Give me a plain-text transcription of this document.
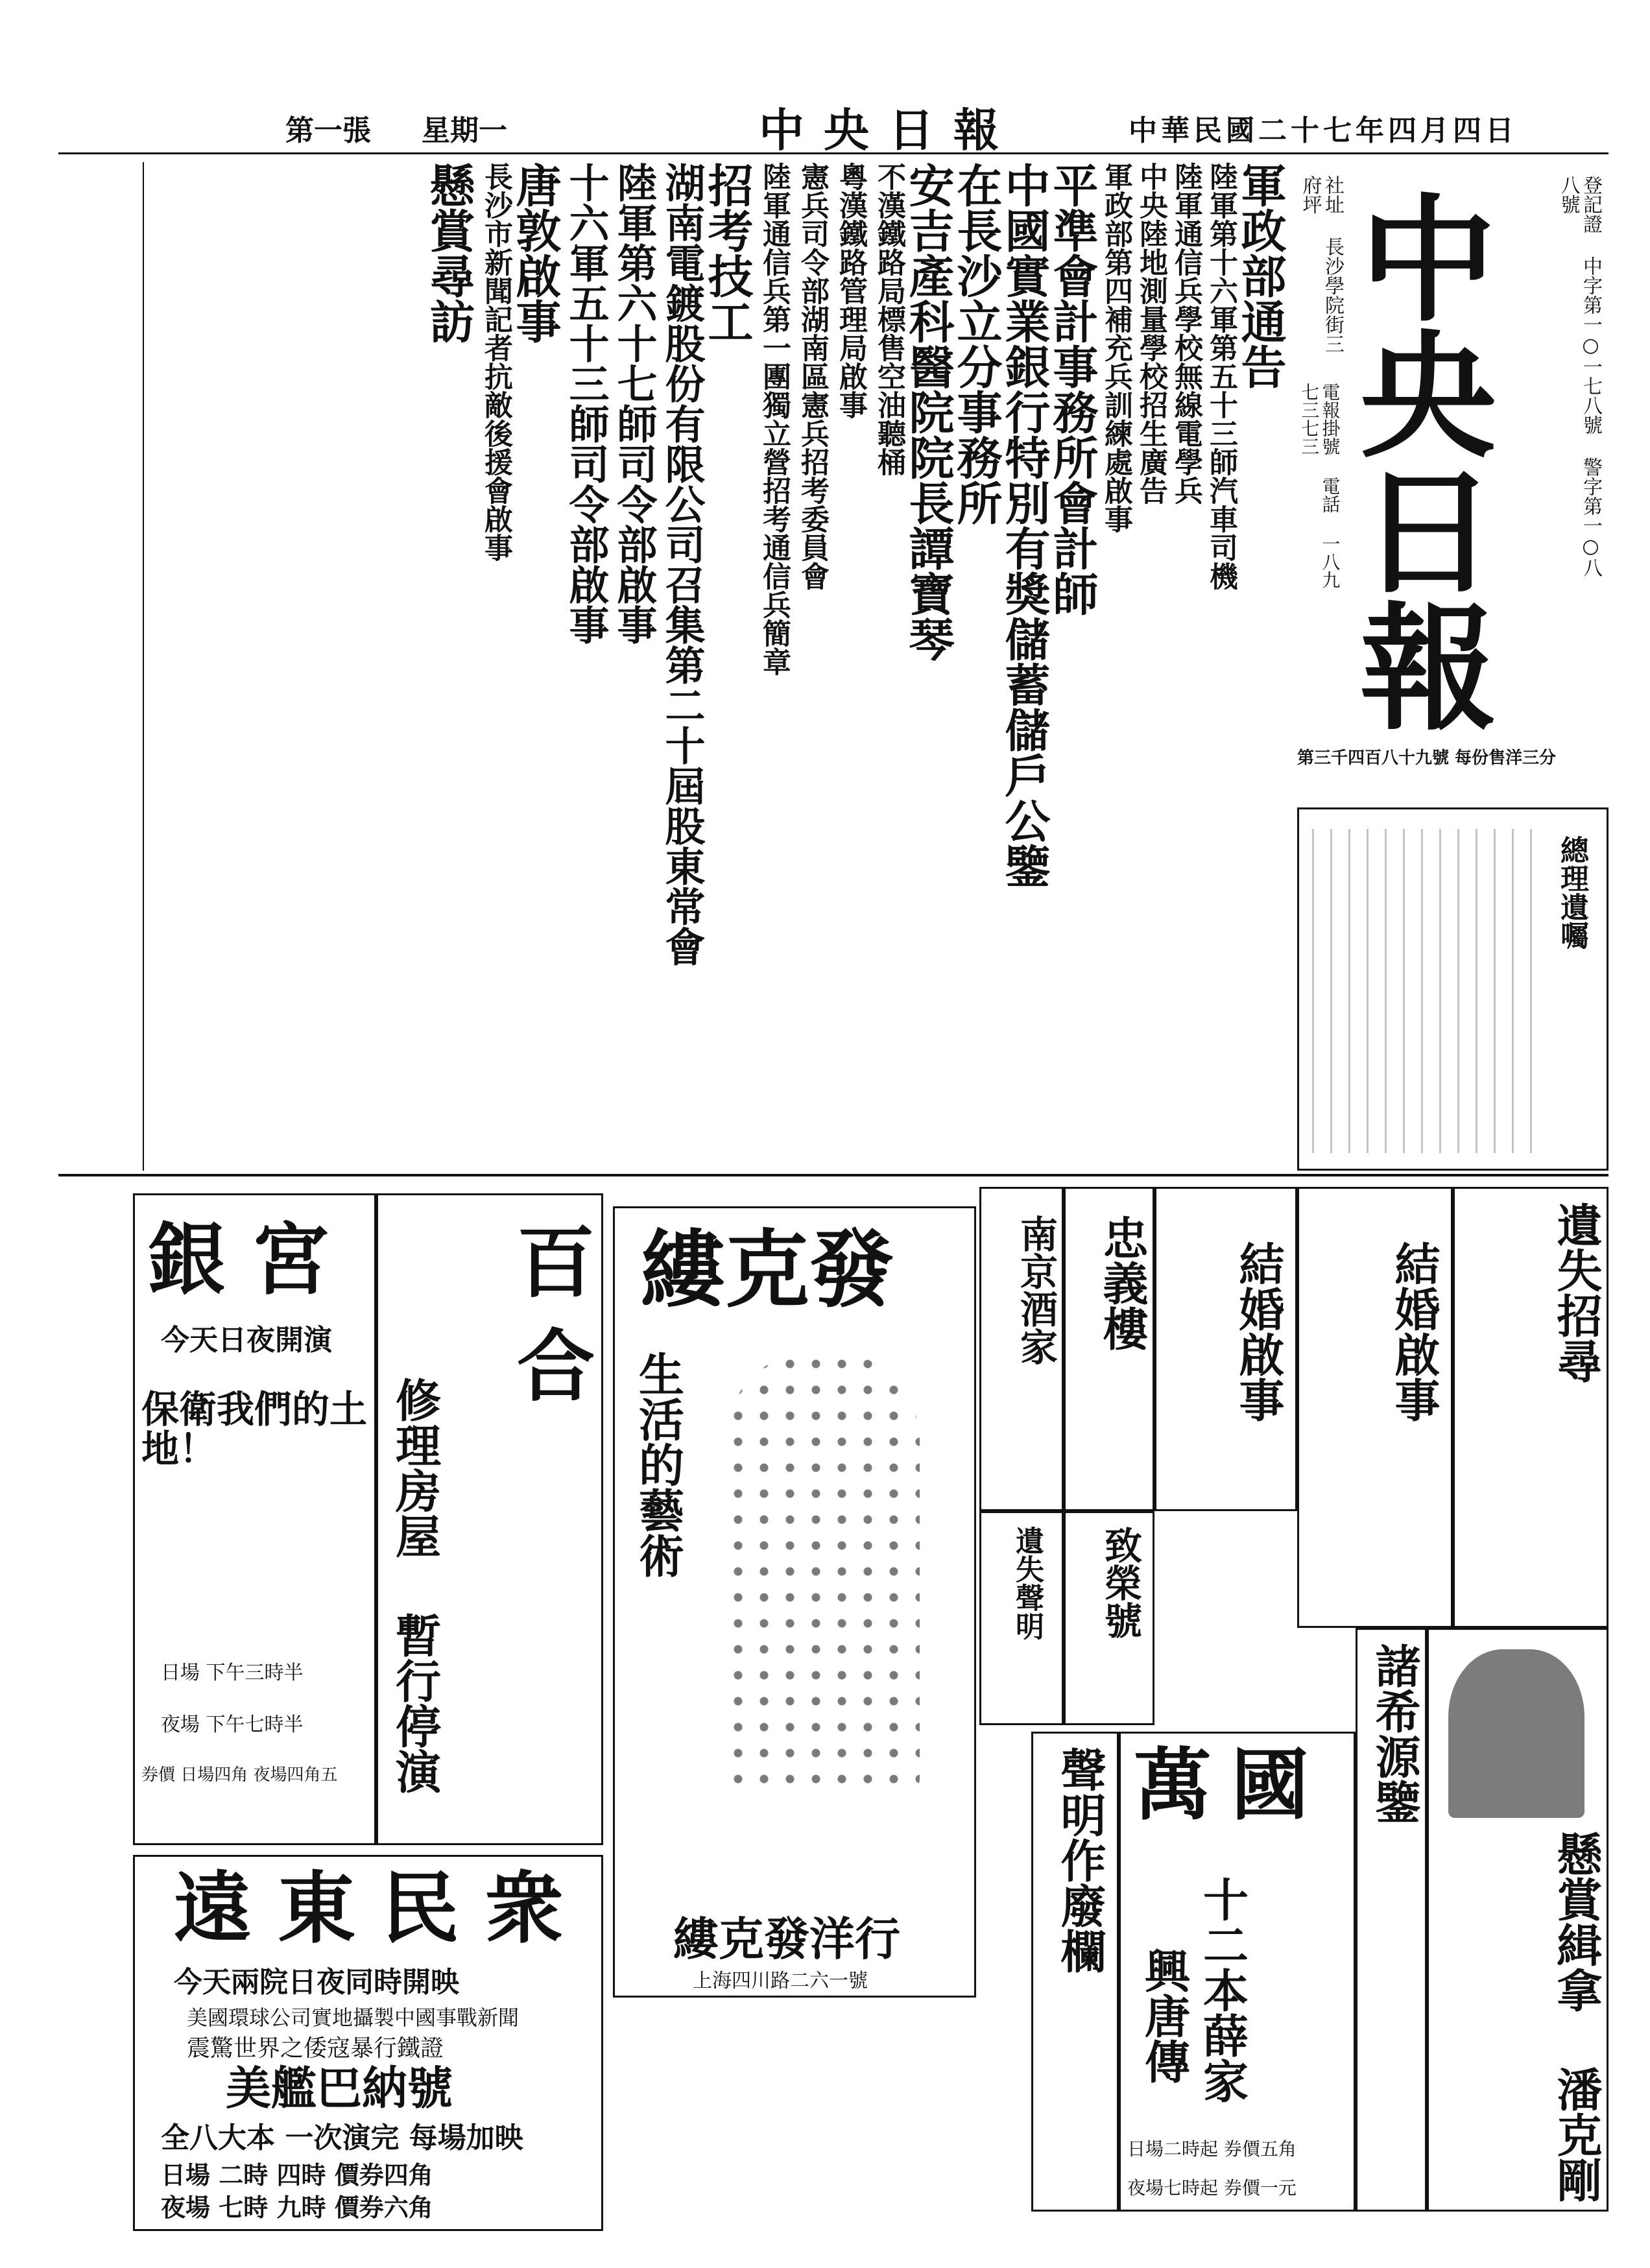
第一張 星期一	中央日報	中華民國二十七年四月四日
中央日報	登記證 中字第一○一七八號 警字第一○八八號
社址 長沙學院街三府坪
電報掛號 電話 一八九七三七三
第三千四百八十九號 每份售洋三分
總理遺囑
軍政部通告
陸軍第十六軍第五十三師汽車司機
陸軍通信兵學校無線電學兵
中央陸地測量學校招生廣告
軍政部第四補充兵訓練處啟事
平準會計事務所會計師
中國實業銀行特別有獎儲蓄儲戶公鑒
在長沙立分事務所
安吉產科醫院院長譚寶琴
不漢鐵路局標售空油聽桶
粵漢鐵路管理局啟事
憲兵司令部湖南區憲兵招考委員會
陸軍通信兵第一團獨立營招考通信兵簡章
招考技工
湖南電鍍股份有限公司召集第二十屆股東常會
陸軍第六十七師司令部啟事
十六軍五十三師司令部啟事
唐敦啟事
長沙市新聞記者抗敵後援會啟事
懸賞尋訪
銀宮
今天日夜開演
保衛我們的土地！
日場 下午三時半
夜場 下午七時半
券價 日場四角 夜場四角五
百合
修理房屋 暫行停演
縷克發
生活的藝術
縷克發洋行
上海四川路二六一號
遠東民衆
今天兩院日夜同時開映
美國環球公司實地攝製中國事戰新聞
震驚世界之倭寇暴行鐵證
美艦巴納號
全八大本 一次演完 每場加映
日場 二時 四時 價券四角
夜場 七時 九時 價券六角
遺失招尋
結婚啟事
結婚啟事
忠義樓
南京酒家
致榮號
遺失聲明
懸賞緝拿 潘克剛
諸希源鑒
萬國
十二本薛家
興唐傳
日場二時起 券價五角
夜場七時起 券價一元
聲明作廢欄
